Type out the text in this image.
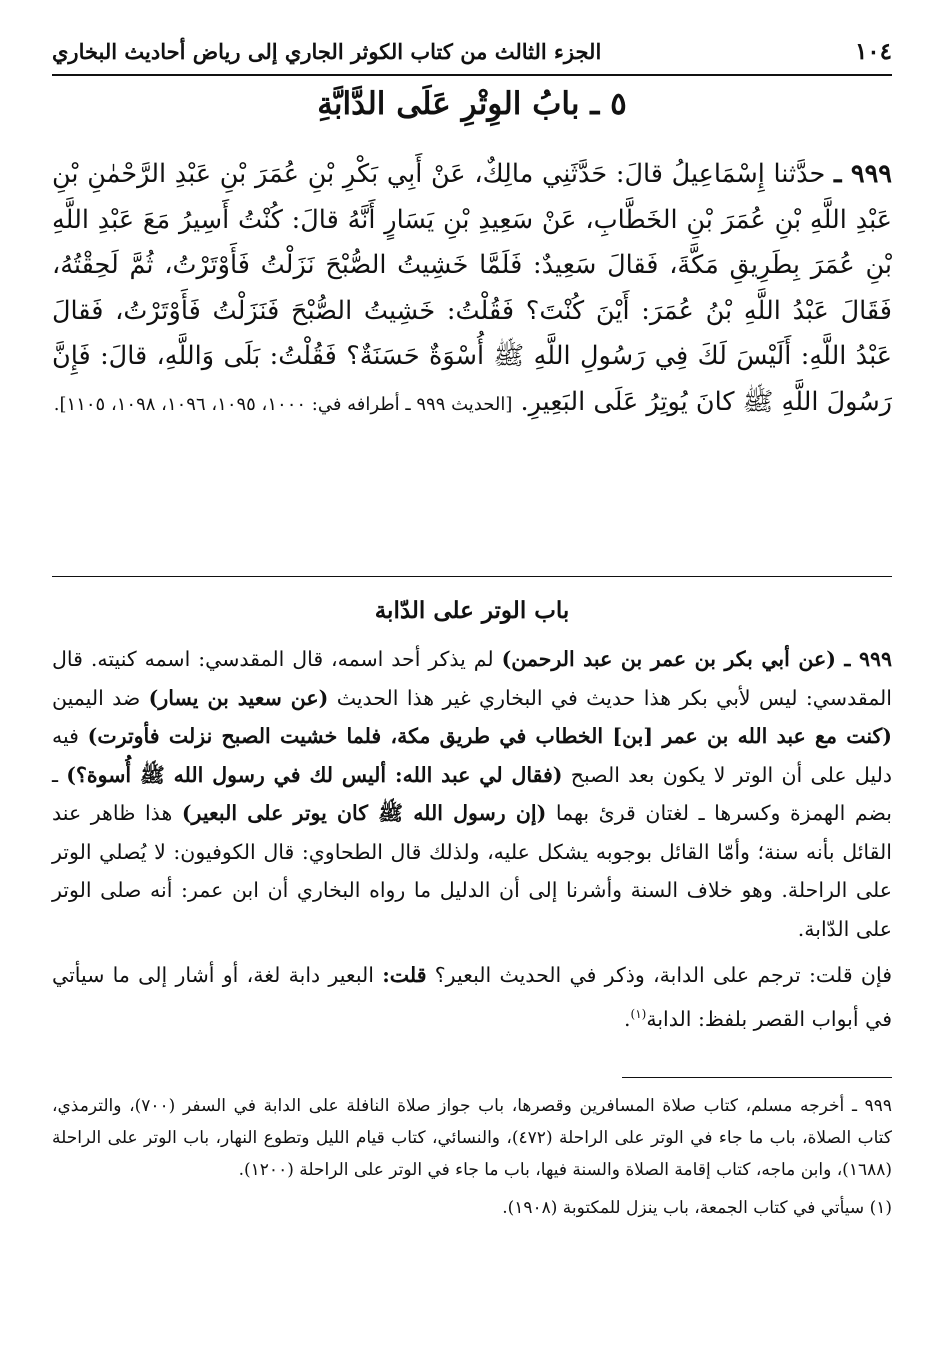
١٠٤
الجزء الثالث من كتاب الكوثر الجاري إلى رياض أحاديث البخاري
٥ ـ بابُ الوِتْرِ عَلَى الدَّابَّةِ
٩٩٩ ـ حدَّثنا إِسْمَاعِيلُ قالَ: حَدَّثَنِي مالِكٌ، عَنْ أَبِي بَكْرِ بْنِ عُمَرَ بْنِ عَبْدِ الرَّحْمٰنِ بْنِ عَبْدِ اللَّهِ بْنِ عُمَرَ بْنِ الخَطَّابِ، عَنْ سَعِيدِ بْنِ يَسَارٍ أَنَّهُ قالَ: كُنْتُ أَسِيرُ مَعَ عَبْدِ اللَّهِ بْنِ عُمَرَ بِطَرِيقِ مَكَّةَ، فَقالَ سَعِيدٌ: فَلَمَّا خَشِيتُ الصُّبْحَ نَزَلْتُ فَأَوْتَرْتُ، ثُمَّ لَحِقْتُهُ، فَقَالَ عَبْدُ اللَّهِ بْنُ عُمَرَ: أَيْنَ كُنْتَ؟ فَقُلْتُ: خَشِيتُ الصُّبْحَ فَنَزَلْتُ فَأَوْتَرْتُ، فَقالَ عَبْدُ اللَّهِ: أَلَيْسَ لَكَ فِي رَسُولِ اللَّهِ ﷺ أُسْوَةٌ حَسَنَةٌ؟ فَقُلْتُ: بَلَى وَاللَّهِ، قالَ: فَإِنَّ رَسُولَ اللَّهِ ﷺ كانَ يُوتِرُ عَلَى البَعِيرِ. [الحديث ٩٩٩ ـ أطرافه في: ١٠٠٠، ١٠٩٥، ١٠٩٦، ١٠٩٨، ١١٠٥].
باب الوتر على الدّابة

٩٩٩ ـ (عن أبي بكر بن عمر بن عبد الرحمن) لم يذكر أحد اسمه، قال المقدسي: اسمه كنيته. قال المقدسي: ليس لأبي بكر هذا حديث في البخاري غير هذا الحديث (عن سعيد بن يسار) ضد اليمين (كنت مع عبد الله بن عمر [بن] الخطاب في طريق مكة، فلما خشيت الصبح نزلت فأوترت) فيه دليل على أن الوتر لا يكون بعد الصبح (فقال لي عبد الله: أليس لك في رسول الله ﷺ أُسوة؟) ـ بضم الهمزة وكسرها ـ لغتان قرئ بهما (إن رسول الله ﷺ كان يوتر على البعير) هذا ظاهر عند القائل بأنه سنة؛ وأمّا القائل بوجوبه يشكل عليه، ولذلك قال الطحاوي: قال الكوفيون: لا يُصلي الوتر على الراحلة. وهو خلاف السنة وأشرنا إلى أن الدليل ما رواه البخاري أن ابن عمر: أنه صلى الوتر على الدّابة.

فإن قلت: ترجم على الدابة، وذكر في الحديث البعير؟ قلت: البعير دابة لغة، أو أشار إلى ما سيأتي في أبواب القصر بلفظ: الدابة$^{(١)}$.

٩٩٩ ـ أخرجه مسلم، كتاب صلاة المسافرين وقصرها، باب جواز صلاة النافلة على الدابة في السفر (٧٠٠)، والترمذي، كتاب الصلاة، باب ما جاء في الوتر على الراحلة (٤٧٢)، والنسائي، كتاب قيام الليل وتطوع النهار، باب الوتر على الراحلة (١٦٨٨)، وابن ماجه، كتاب إقامة الصلاة والسنة فيها، باب ما جاء في الوتر على الراحلة (١٢٠٠).

(١) سيأتي في كتاب الجمعة، باب ينزل للمكتوبة (١٩٠٨).
